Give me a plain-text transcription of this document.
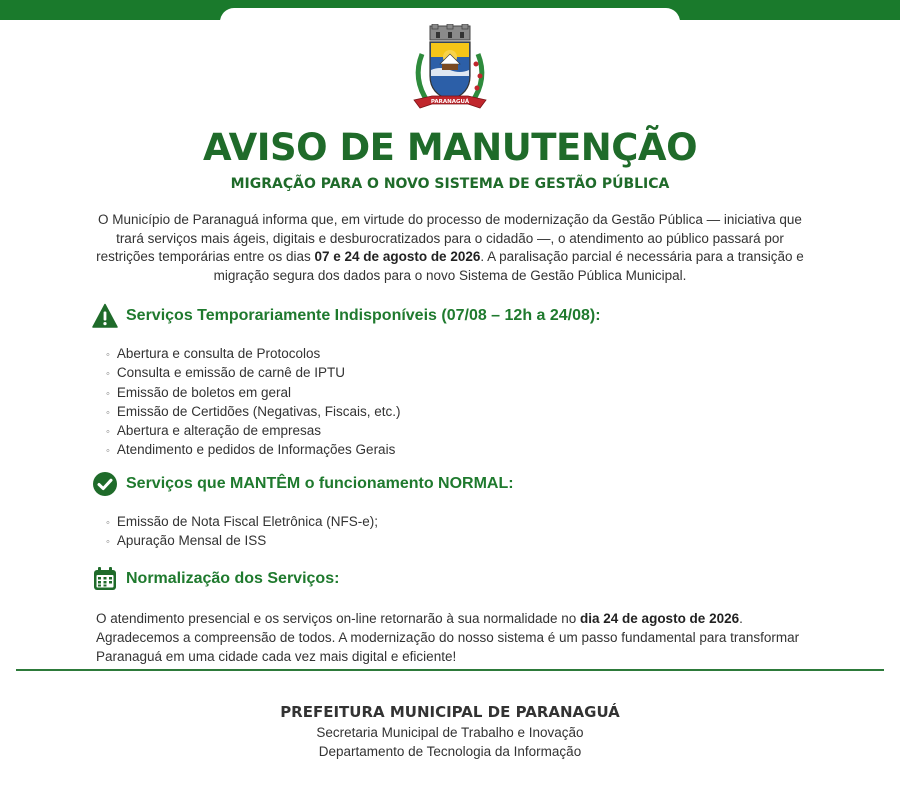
PARANAGUÁ
AVISO DE MANUTENÇÃO
MIGRAÇÃO PARA O NOVO SISTEMA DE GESTÃO PÚBLICA

O Município de Paranaguá informa que, em virtude do processo de modernização da Gestão Pública — iniciativa que trará serviços mais ágeis, digitais e desburocratizados para o cidadão —, o atendimento ao público passará por restrições temporárias entre os dias 07 e 24 de agosto de 2026. A paralisação parcial é necessária para a transição e migração segura dos dados para o novo Sistema de Gestão Pública Municipal.

Serviços Temporariamente Indisponíveis (07/08 – 12h a 24/08):
◦ Abertura e consulta de Protocolos
◦ Consulta e emissão de carnê de IPTU
◦ Emissão de boletos em geral
◦ Emissão de Certidões (Negativas, Fiscais, etc.)
◦ Abertura e alteração de empresas
◦ Atendimento e pedidos de Informações Gerais
Serviços que MANTÊM o funcionamento NORMAL:
◦ Emissão de Nota Fiscal Eletrônica (NFS-e);
◦ Apuração Mensal de ISS
Normalização dos Serviços:

O atendimento presencial e os serviços on-line retornarão à sua normalidade no dia 24 de agosto de 2026. Agradecemos a compreensão de todos. A modernização do nosso sistema é um passo fundamental para transformar Paranaguá em uma cidade cada vez mais digital e eficiente!

PREFEITURA MUNICIPAL DE PARANAGUÁ

Secretaria Municipal de Trabalho e Inovação

Departamento de Tecnologia da Informação
